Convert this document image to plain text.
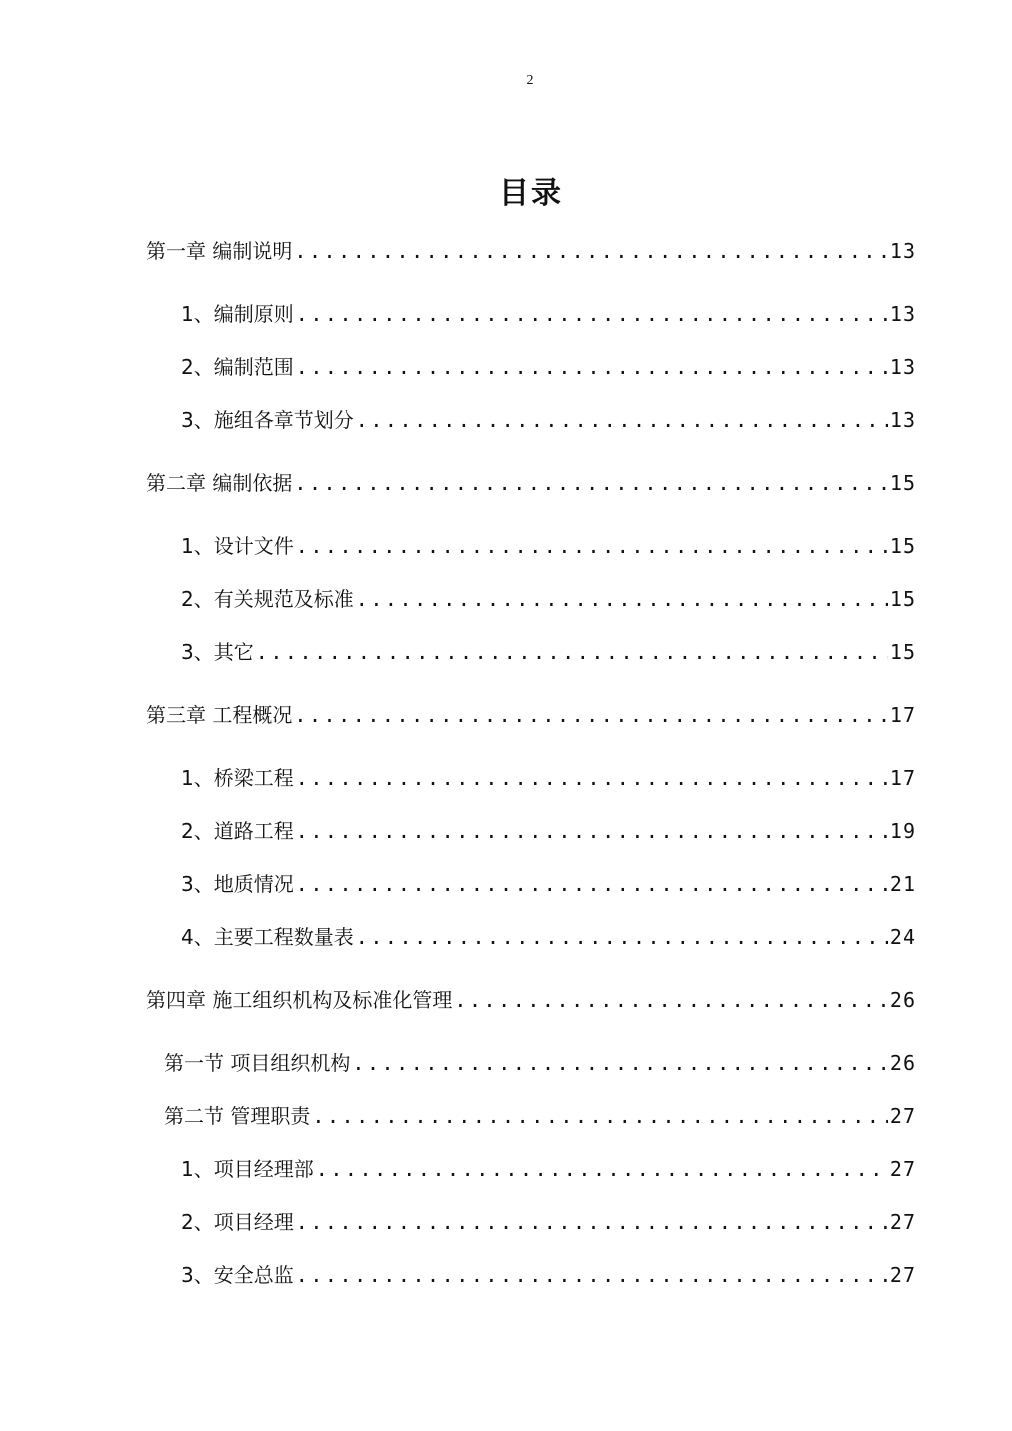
2
目录
第一章 编制说明 .....	13
1、编制原则 .....	13
2、编制范围 .....	13
3、施组各章节划分 .....	13
第二章 编制依据 .....	15
1、设计文件 .....	15
2、有关规范及标准 .....	15
3、其它 .....	15
第三章 工程概况 .....	17
1、桥梁工程 .....	17
2、道路工程 .....	19
3、地质情况 .....	21
4、主要工程数量表 .....	24
第四章 施工组织机构及标准化管理 .....	26
第一节 项目组织机构 .....	26
第二节 管理职责 .....	27
1、项目经理部 .....	27
2、项目经理 .....	27
3、安全总监 .....	27
